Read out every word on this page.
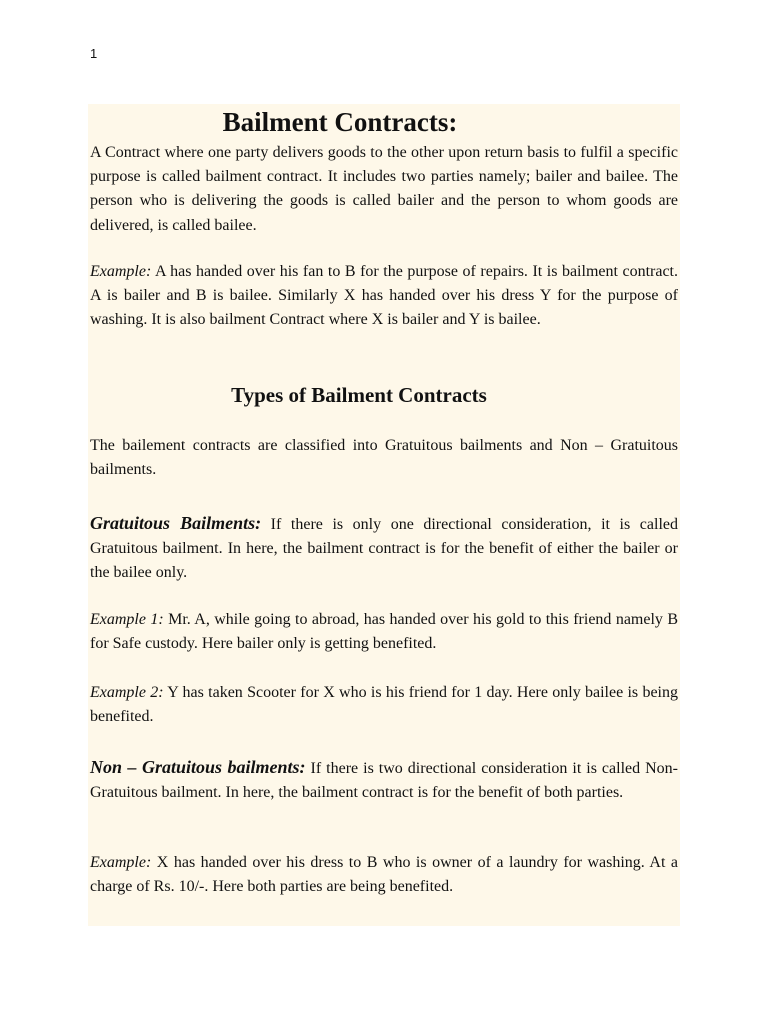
1
Bailment Contracts:

A Contract where one party delivers goods to the other upon return basis to fulfil a specific purpose is called bailment contract. It includes two parties namely; bailer and bailee. The person who is delivering the goods is called bailer and the person to whom goods are delivered, is called bailee.

Example: A has handed over his fan to B for the purpose of repairs. It is bailment contract. A is bailer and B is bailee. Similarly X has handed over his dress Y for the purpose of washing. It is also bailment Contract where X is bailer and Y is bailee.

Types of Bailment Contracts

The bailement contracts are classified into Gratuitous bailments and Non – Gratuitous bailments.

Gratuitous Bailments: If there is only one directional consideration, it is called Gratuitous bailment. In here, the bailment contract is for the benefit of either the bailer or the bailee only.

Example 1: Mr. A, while going to abroad, has handed over his gold to this friend namely B for Safe custody. Here bailer only is getting benefited.

Example 2: Y has taken Scooter for X who is his friend for 1 day. Here only bailee is being benefited.

Non – Gratuitous bailments: If there is two directional consideration it is called Non-Gratuitous bailment. In here, the bailment contract is for the benefit of both parties.

Example: X has handed over his dress to B who is owner of a laundry for washing. At a charge of Rs. 10/-. Here both parties are being benefited.
